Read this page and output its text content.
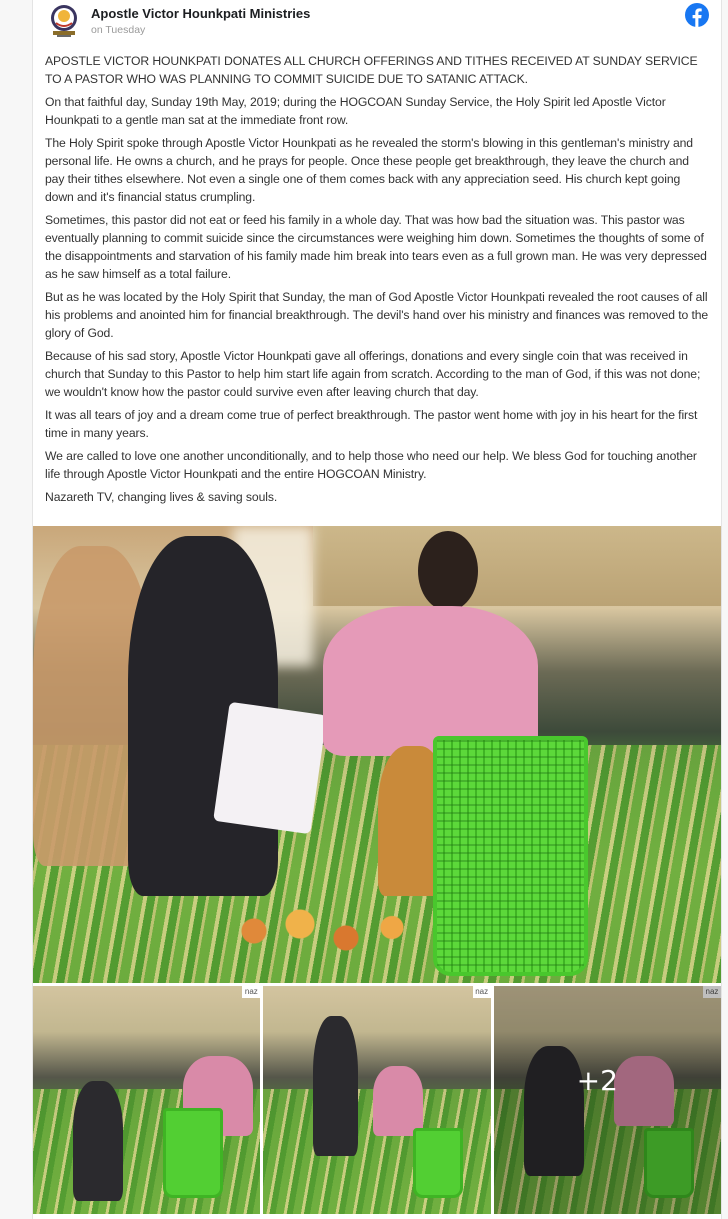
Apostle Victor Hounkpati Ministries
on Tuesday

APOSTLE VICTOR HOUNKPATI DONATES ALL CHURCH OFFERINGS AND TITHES RECEIVED AT SUNDAY SERVICE TO A PASTOR WHO WAS PLANNING TO COMMIT SUICIDE DUE TO SATANIC ATTACK.

On that faithful day, Sunday 19th May, 2019; during the HOGCOAN Sunday Service, the Holy Spirit led Apostle Victor Hounkpati to a gentle man sat at the immediate front row.

The Holy Spirit spoke through Apostle Victor Hounkpati as he revealed the storm's blowing in this gentleman's ministry and personal life. He owns a church, and he prays for people. Once these people get breakthrough, they leave the church and pay their tithes elsewhere. Not even a single one of them comes back with any appreciation seed. His church kept going down and it's financial status crumpling.

Sometimes, this pastor did not eat or feed his family in a whole day. That was how bad the situation was. This pastor was eventually planning to commit suicide since the circumstances were weighing him down. Sometimes the thoughts of some of the disappointments and starvation of his family made him break into tears even as a full grown man. He was very depressed as he saw himself as a total failure.

But as he was located by the Holy Spirit that Sunday, the man of God Apostle Victor Hounkpati revealed the root causes of all his problems and anointed him for financial breakthrough. The devil's hand over his ministry and finances was removed to the glory of God.

Because of his sad story, Apostle Victor Hounkpati gave all offerings, donations and every single coin that was received in church that Sunday to this Pastor to help him start life again from scratch. According to the man of God, if this was not done; we wouldn't know how the pastor could survive even after leaving church that day.

It was all tears of joy and a dream come true of perfect breakthrough. The pastor went home with joy in his heart for the first time in many years.

We are called to love one another unconditionally, and to help those who need our help. We bless God for touching another life through Apostle Victor Hounkpati and the entire HOGCOAN Ministry.

Nazareth TV, changing lives & saving souls.

naz	naz	naz
+2
